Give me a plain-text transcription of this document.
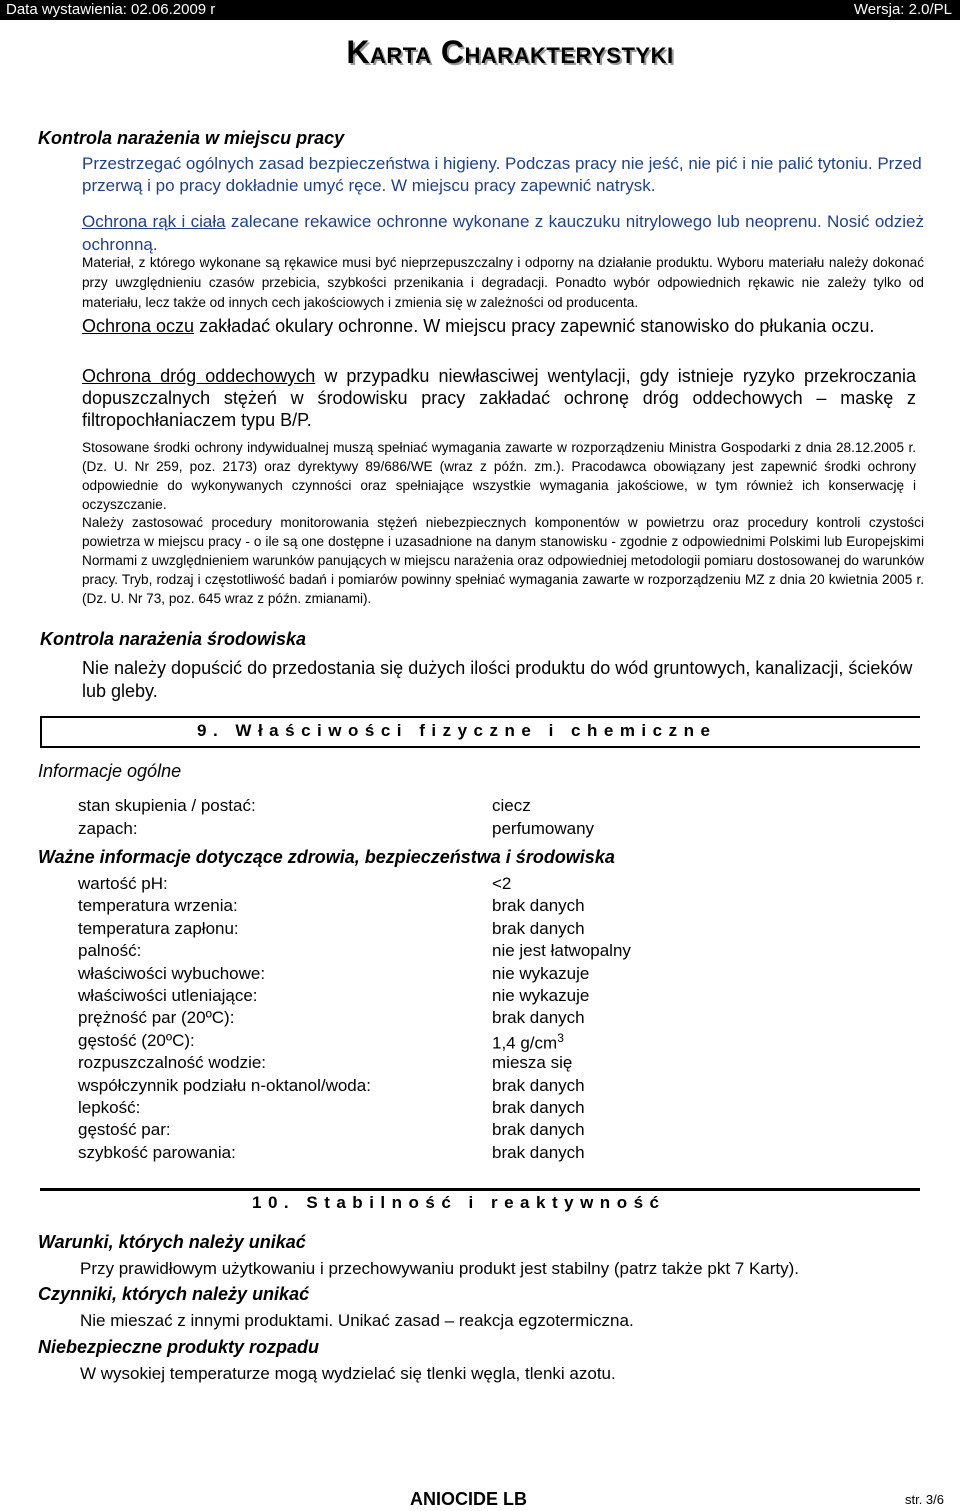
Data wystawienia: 02.06.2009 r	Wersja: 2.0/PL
Karta Charakterystyki
Kontrola narażenia w miejscu pracy
Przestrzegać ogólnych zasad bezpieczeństwa i higieny. Podczas pracy nie jeść, nie pić i nie palić tytoniu. Przed przerwą i po pracy dokładnie umyć ręce. W miejscu pracy zapewnić natrysk.
Ochrona rąk i ciała zalecane rekawice ochronne wykonane z kauczuku nitrylowego lub neoprenu. Nosić odzież ochronną.
Materiał, z którego wykonane są rękawice musi być nieprzepuszczalny i odporny na działanie produktu. Wyboru materiału należy dokonać przy uwzględnieniu czasów przebicia, szybkości przenikania i degradacji. Ponadto wybór odpowiednich rękawic nie zależy tylko od materiału, lecz także od innych cech jakościowych i zmienia się w zależności od producenta.
Ochrona oczu zakładać okulary ochronne. W miejscu pracy zapewnić stanowisko do płukania oczu.
Ochrona dróg oddechowych w przypadku niewłasciwej wentylacji, gdy istnieje ryzyko przekroczania dopuszczalnych stężeń w środowisku pracy zakładać ochronę dróg oddechowych – maskę z filtropochłaniaczem typu B/P.
Stosowane środki ochrony indywidualnej muszą spełniać wymagania zawarte w rozporządzeniu Ministra Gospodarki z dnia 28.12.2005 r. (Dz. U. Nr 259, poz. 2173) oraz dyrektywy 89/686/WE (wraz z późn. zm.). Pracodawca obowiązany jest zapewnić środki ochrony odpowiednie do wykonywanych czynności oraz spełniające wszystkie wymagania jakościowe, w tym również ich konserwację i oczyszczanie.
Należy zastosować procedury monitorowania stężeń niebezpiecznych komponentów w powietrzu oraz procedury kontroli czystości powietrza w miejscu pracy - o ile są one dostępne i uzasadnione na danym stanowisku - zgodnie z odpowiednimi Polskimi lub Europejskimi Normami z uwzględnieniem warunków panujących w miejscu narażenia oraz odpowiedniej metodologii pomiaru dostosowanej do warunków pracy. Tryb, rodzaj i częstotliwość badań i pomiarów powinny spełniać wymagania zawarte w rozporządzeniu MZ z dnia 20 kwietnia 2005 r. (Dz. U. Nr 73, poz. 645 wraz z późn. zmianami).
Kontrola narażenia środowiska
Nie należy dopuścić do przedostania się dużych ilości produktu do wód gruntowych, kanalizacji, ścieków lub gleby.
9. Właściwości fizyczne i chemiczne
Informacje ogólne
stan skupienia / postać:	ciecz
zapach:	perfumowany
Ważne informacje dotyczące zdrowia, bezpieczeństwa i środowiska
wartość pH:	<2
temperatura wrzenia:	brak danych
temperatura zapłonu:	brak danych
palność:	nie jest łatwopalny
właściwości wybuchowe:	nie wykazuje
właściwości utleniające:	nie wykazuje
prężność par (20ºC):	brak danych
gęstość (20ºC):	1,4 $g/cm^3$
rozpuszczalność wodzie:	miesza się
współczynnik podziału n-oktanol/woda:	brak danych
lepkość:	brak danych
gęstość par:	brak danych
szybkość parowania:	brak danych
10. Stabilność i reaktywność
Warunki, których należy unikać
Przy prawidłowym użytkowaniu i przechowywaniu produkt jest stabilny (patrz także pkt 7 Karty).
Czynniki, których należy unikać
Nie mieszać z innymi produktami. Unikać zasad – reakcja egzotermiczna.
Niebezpieczne produkty rozpadu
W wysokiej temperaturze mogą wydzielać się tlenki węgla, tlenki azotu.
ANIOCIDE LB	str. 3/6
